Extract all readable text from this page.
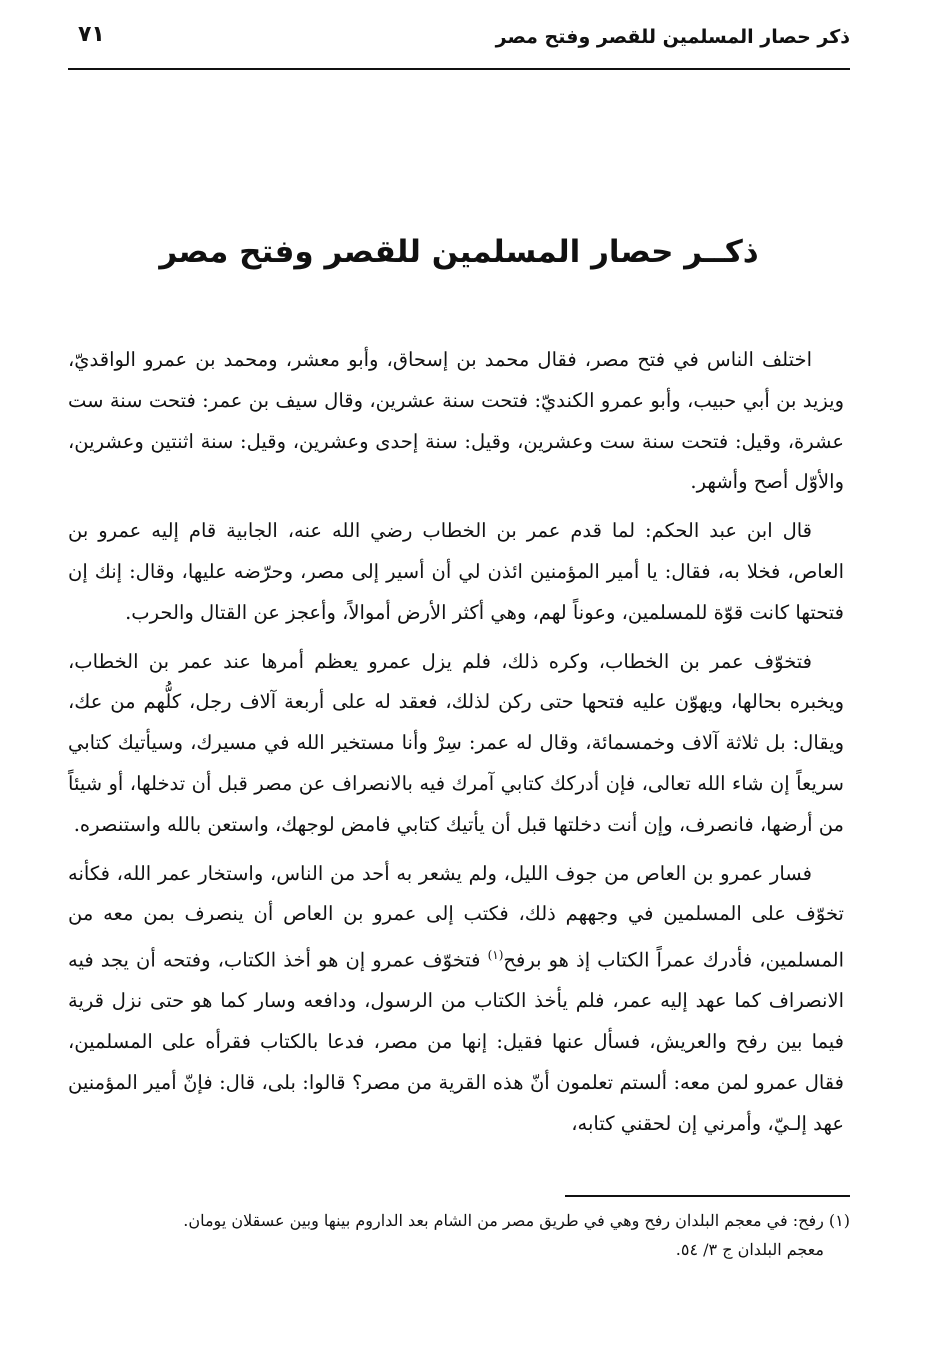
ذكر حصار المسلمين للقصر وفتح مصر
٧١
ذكــر حصار المسلمين للقصر وفتح مصر

اختلف الناس في فتح مصر، فقال محمد بن إسحاق، وأبو معشر، ومحمد بن عمرو الواقديّ، ويزيد بن أبي حبيب، وأبو عمرو الكنديّ: فتحت سنة عشرين، وقال سيف بن عمر: فتحت سنة ست عشرة، وقيل: فتحت سنة ست وعشرين، وقيل: سنة إحدى وعشرين، وقيل: سنة اثنتين وعشرين، والأوّل أصح وأشهر.

قال ابن عبد الحكم: لما قدم عمر بن الخطاب رضي الله عنه، الجابية قام إليه عمرو بن العاص، فخلا به، فقال: يا أمير المؤمنين ائذن لي أن أسير إلى مصر، وحرّضه عليها، وقال: إنك إن فتحتها كانت قوّة للمسلمين، وعوناً لهم، وهي أكثر الأرض أموالاً، وأعجز عن القتال والحرب.

فتخوّف عمر بن الخطاب، وكره ذلك، فلم يزل عمرو يعظم أمرها عند عمر بن الخطاب، ويخبره بحالها، ويهوّن عليه فتحها حتى ركن لذلك، فعقد له على أربعة آلاف رجل، كلُّهم من عك، ويقال: بل ثلاثة آلاف وخمسمائة، وقال له عمر: سِرْ وأنا مستخير الله في مسيرك، وسيأتيك كتابي سريعاً إن شاء الله تعالى، فإن أدركك كتابي آمرك فيه بالانصراف عن مصر قبل أن تدخلها، أو شيئاً من أرضها، فانصرف، وإن أنت دخلتها قبل أن يأتيك كتابي فامض لوجهك، واستعن بالله واستنصره.

فسار عمرو بن العاص من جوف الليل، ولم يشعر به أحد من الناس، واستخار عمر الله، فكأنه تخوّف على المسلمين في وجههم ذلك، فكتب إلى عمرو بن العاص أن ينصرف بمن معه من المسلمين، فأدرك عمراً الكتاب إذ هو برفح$^{(١)}$ فتخوّف عمرو إن هو أخذ الكتاب، وفتحه أن يجد فيه الانصراف كما عهد إليه عمر، فلم يأخذ الكتاب من الرسول، ودافعه وسار كما هو حتى نزل قرية فيما بين رفح والعريش، فسأل عنها فقيل: إنها من مصر، فدعا بالكتاب فقرأه على المسلمين، فقال عمرو لمن معه: ألستم تعلمون أنّ هذه القرية من مصر؟ قالوا: بلى، قال: فإنّ أمير المؤمنين عهد إلـيّ، وأمرني إن لحقني كتابه،

(١) رفح: في معجم البلدان رفح وهي في طريق مصر من الشام بعد الداروم بينها وبين عسقلان يومان.
معجم البلدان ج ٣/ ٥٤.
